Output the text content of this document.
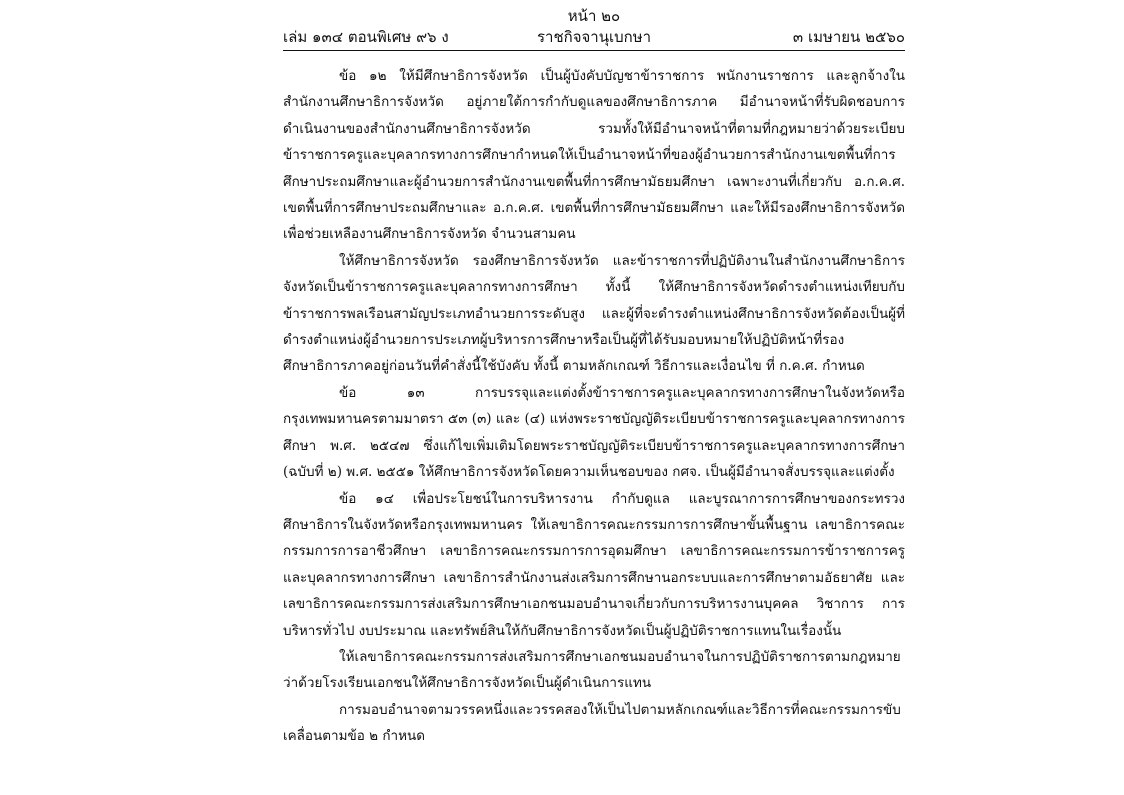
หน้า ๒๐
เล่ม ๑๓๔ ตอนพิเศษ ๙๖ ง	ราชกิจจานุเบกษา	๓ เมษายน ๒๕๖๐

ข้อ ๑๒ ให้มีศึกษาธิการจังหวัด เป็นผู้บังคับบัญชาข้าราชการ พนักงานราชการ และลูกจ้างในสำนักงานศึกษาธิการจังหวัด อยู่ภายใต้การกำกับดูแลของศึกษาธิการภาค มีอำนาจหน้าที่รับผิดชอบการดำเนินงานของสำนักงานศึกษาธิการจังหวัด รวมทั้งให้มีอำนาจหน้าที่ตามที่กฎหมายว่าด้วยระเบียบข้าราชการครูและบุคลากรทางการศึกษากำหนดให้เป็นอำนาจหน้าที่ของผู้อำนวยการสำนักงานเขตพื้นที่การศึกษาประถมศึกษาและผู้อำนวยการสำนักงานเขตพื้นที่การศึกษามัธยมศึกษา เฉพาะงานที่เกี่ยวกับ อ.ก.ค.ศ. เขตพื้นที่การศึกษาประถมศึกษาและ อ.ก.ค.ศ. เขตพื้นที่การศึกษามัธยมศึกษา และให้มีรองศึกษาธิการจังหวัด เพื่อช่วยเหลืองานศึกษาธิการจังหวัด จำนวนสามคน

ให้ศึกษาธิการจังหวัด รองศึกษาธิการจังหวัด และข้าราชการที่ปฏิบัติงานในสำนักงานศึกษาธิการจังหวัดเป็นข้าราชการครูและบุคลากรทางการศึกษา ทั้งนี้ ให้ศึกษาธิการจังหวัดดำรงตำแหน่งเทียบกับข้าราชการพลเรือนสามัญประเภทอำนวยการระดับสูง และผู้ที่จะดำรงตำแหน่งศึกษาธิการจังหวัดต้องเป็นผู้ที่ดำรงตำแหน่งผู้อำนวยการประเภทผู้บริหารการศึกษาหรือเป็นผู้ที่ได้รับมอบหมายให้ปฏิบัติหน้าที่รองศึกษาธิการภาคอยู่ก่อนวันที่คำสั่งนี้ใช้บังคับ ทั้งนี้ ตามหลักเกณฑ์ วิธีการและเงื่อนไข ที่ ก.ค.ศ. กำหนด

ข้อ ๑๓ การบรรจุและแต่งตั้งข้าราชการครูและบุคลากรทางการศึกษาในจังหวัดหรือกรุงเทพมหานครตามมาตรา ๕๓ (๓) และ (๔) แห่งพระราชบัญญัติระเบียบข้าราชการครูและบุคลากรทางการศึกษา พ.ศ. ๒๕๔๗ ซึ่งแก้ไขเพิ่มเติมโดยพระราชบัญญัติระเบียบข้าราชการครูและบุคลากรทางการศึกษา (ฉบับที่ ๒) พ.ศ. ๒๕๕๑ ให้ศึกษาธิการจังหวัดโดยความเห็นชอบของ กศจ. เป็นผู้มีอำนาจสั่งบรรจุและแต่งตั้ง

ข้อ ๑๔ เพื่อประโยชน์ในการบริหารงาน กำกับดูแล และบูรณาการการศึกษาของกระทรวงศึกษาธิการในจังหวัดหรือกรุงเทพมหานคร ให้เลขาธิการคณะกรรมการการศึกษาขั้นพื้นฐาน เลขาธิการคณะกรรมการการอาชีวศึกษา เลขาธิการคณะกรรมการการอุดมศึกษา เลขาธิการคณะกรรมการข้าราชการครูและบุคลากรทางการศึกษา เลขาธิการสำนักงานส่งเสริมการศึกษานอกระบบและการศึกษาตามอัธยาศัย และเลขาธิการคณะกรรมการส่งเสริมการศึกษาเอกชนมอบอำนาจเกี่ยวกับการบริหารงานบุคคล วิชาการ การบริหารทั่วไป งบประมาณ และทรัพย์สินให้กับศึกษาธิการจังหวัดเป็นผู้ปฏิบัติราชการแทนในเรื่องนั้น

ให้เลขาธิการคณะกรรมการส่งเสริมการศึกษาเอกชนมอบอำนาจในการปฏิบัติราชการตามกฎหมายว่าด้วยโรงเรียนเอกชนให้ศึกษาธิการจังหวัดเป็นผู้ดำเนินการแทน

การมอบอำนาจตามวรรคหนึ่งและวรรคสองให้เป็นไปตามหลักเกณฑ์และวิธีการที่คณะกรรมการขับเคลื่อนตามข้อ ๒ กำหนด
